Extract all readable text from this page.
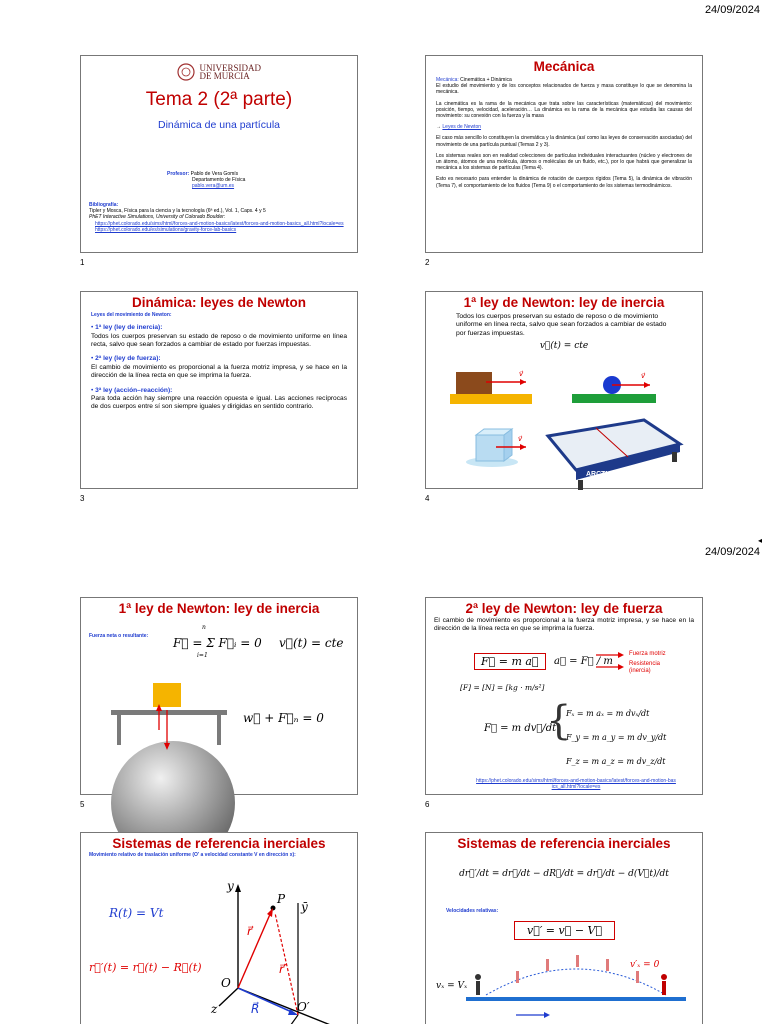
24/09/2024
24/09/2024
◂
UNIVERSIDAD
DE MURCIA
Tema 2 (2ª parte)
Dinámica de una partícula
Profesor: Pablo de Vera Gomís
Departamento de Física
pablo.vera@um.es
Bibliografía:
Tipler y Mosca, Física para la ciencia y la tecnología (6ª ed.), Vol. 1, Caps. 4 y 5
PhET Interactive Simulations, University of Colorado Boulder:

https://phet.colorado.edu/sims/html/forces-and-motion-basics/latest/forces-and-motion-basics_all.html?locale=es
https://phet.colorado.edu/es/simulations/gravity-force-lab-basics
1
Mecánica
Mecánica: Cinemática + Dinámica
El estudio del movimiento y de los conceptos relacionados de fuerza y masa constituye lo que se denomina la mecánica.
La cinemática es la rama de la mecánica que trata sobre las características (matemáticas) del movimiento: posición, tiempo, velocidad, aceleración… La dinámica es la rama de la mecánica que estudia las causas del movimiento: su conexión con la fuerza y la masa
→ Leyes de Newton
El caso más sencillo lo constituyen la cinemática y la dinámica (así como las leyes de conservación asociadas) del movimiento de una partícula puntual (Temas 2 y 3).
Los sistemas reales son en realidad colecciones de partículas individuales interactuantes (núcleo y electrones de un átomo, átomos de una molécula, átomos o moléculas de un fluido, etc.), por lo que habrá que generalizar la mecánica a los sistemas de partículas (Tema 4).
Esto es necesario para entender la dinámica de rotación de cuerpos rígidos (Tema 5), la dinámica de vibración (Tema 7), el comportamiento de los fluidos (Tema 9) o el comportamiento de los sistemas termodinámicos.
2
Dinámica: leyes de Newton
Leyes del movimiento de Newton:
• 1ª ley (ley de inercia):
Todos los cuerpos preservan su estado de reposo o de movimiento uniforme en línea recta, salvo que sean forzados a cambiar de estado por fuerzas impuestas.
• 2ª ley (ley de fuerza):
El cambio de movimiento es proporcional a la fuerza motriz impresa, y se hace en la dirección de la línea recta en que se imprima la fuerza.
• 3ª ley (acción–reacción):
Para toda acción hay siempre una reacción opuesta e igual. Las acciones recíprocas de dos cuerpos entre sí son siempre iguales y dirigidas en sentido contrario.
3
1ª ley de Newton: ley de inercia
Todos los cuerpos preservan su estado de reposo o de movimiento uniforme en línea recta, salvo que sean forzados a cambiar de estado por fuerzas impuestas.
v⃗(t) = cte
v⃗	v⃗
v⃗
ARCTIC
4
1ª ley de Newton: ley de inercia
Fuerza neta o resultante:
n
F⃗ = Σ F⃗ᵢ = 0
i=1
v⃗(t) = cte
w⃗ + F⃗ₙ = 0
5
2ª ley de Newton: ley de fuerza
El cambio de movimiento es proporcional a la fuerza motriz impresa, y se hace en la dirección de la línea recta en que se imprima la fuerza.
F⃗ = m a⃗	a⃗ = F⃗ / m
Fuerza motriz
Resistencia (inercia)
[F] = [N] = [kg · m/s²]
F⃗ = m dv⃗/dt
{
Fₓ = m aₓ = m dvₓ/dt
F_y = m a_y = m dv_y/dt
F_z = m a_z = m dv_z/dt
https://phet.colorado.edu/sims/html/forces-and-motion-basics/latest/forces-and-motion-basics_all.html?locale=es
6
Sistemas de referencia inerciales
Movimiento relativo de traslación uniforme (O′ a velocidad constante V en dirección x):
R(t) = Vt
r⃗′(t) = r⃗(t) − R⃗(t)
y
O
z
ȳ
O′
R⃗
P
r⃗
r⃗′
Sistemas de referencia inerciales
dr⃗′/dt = dr⃗/dt − dR⃗/dt = dr⃗/dt − d(V⃗t)/dt
Velocidades relativas:
v⃗′ = v⃗ − V⃗
vₓ = Vₓ
v′ₓ = 0
